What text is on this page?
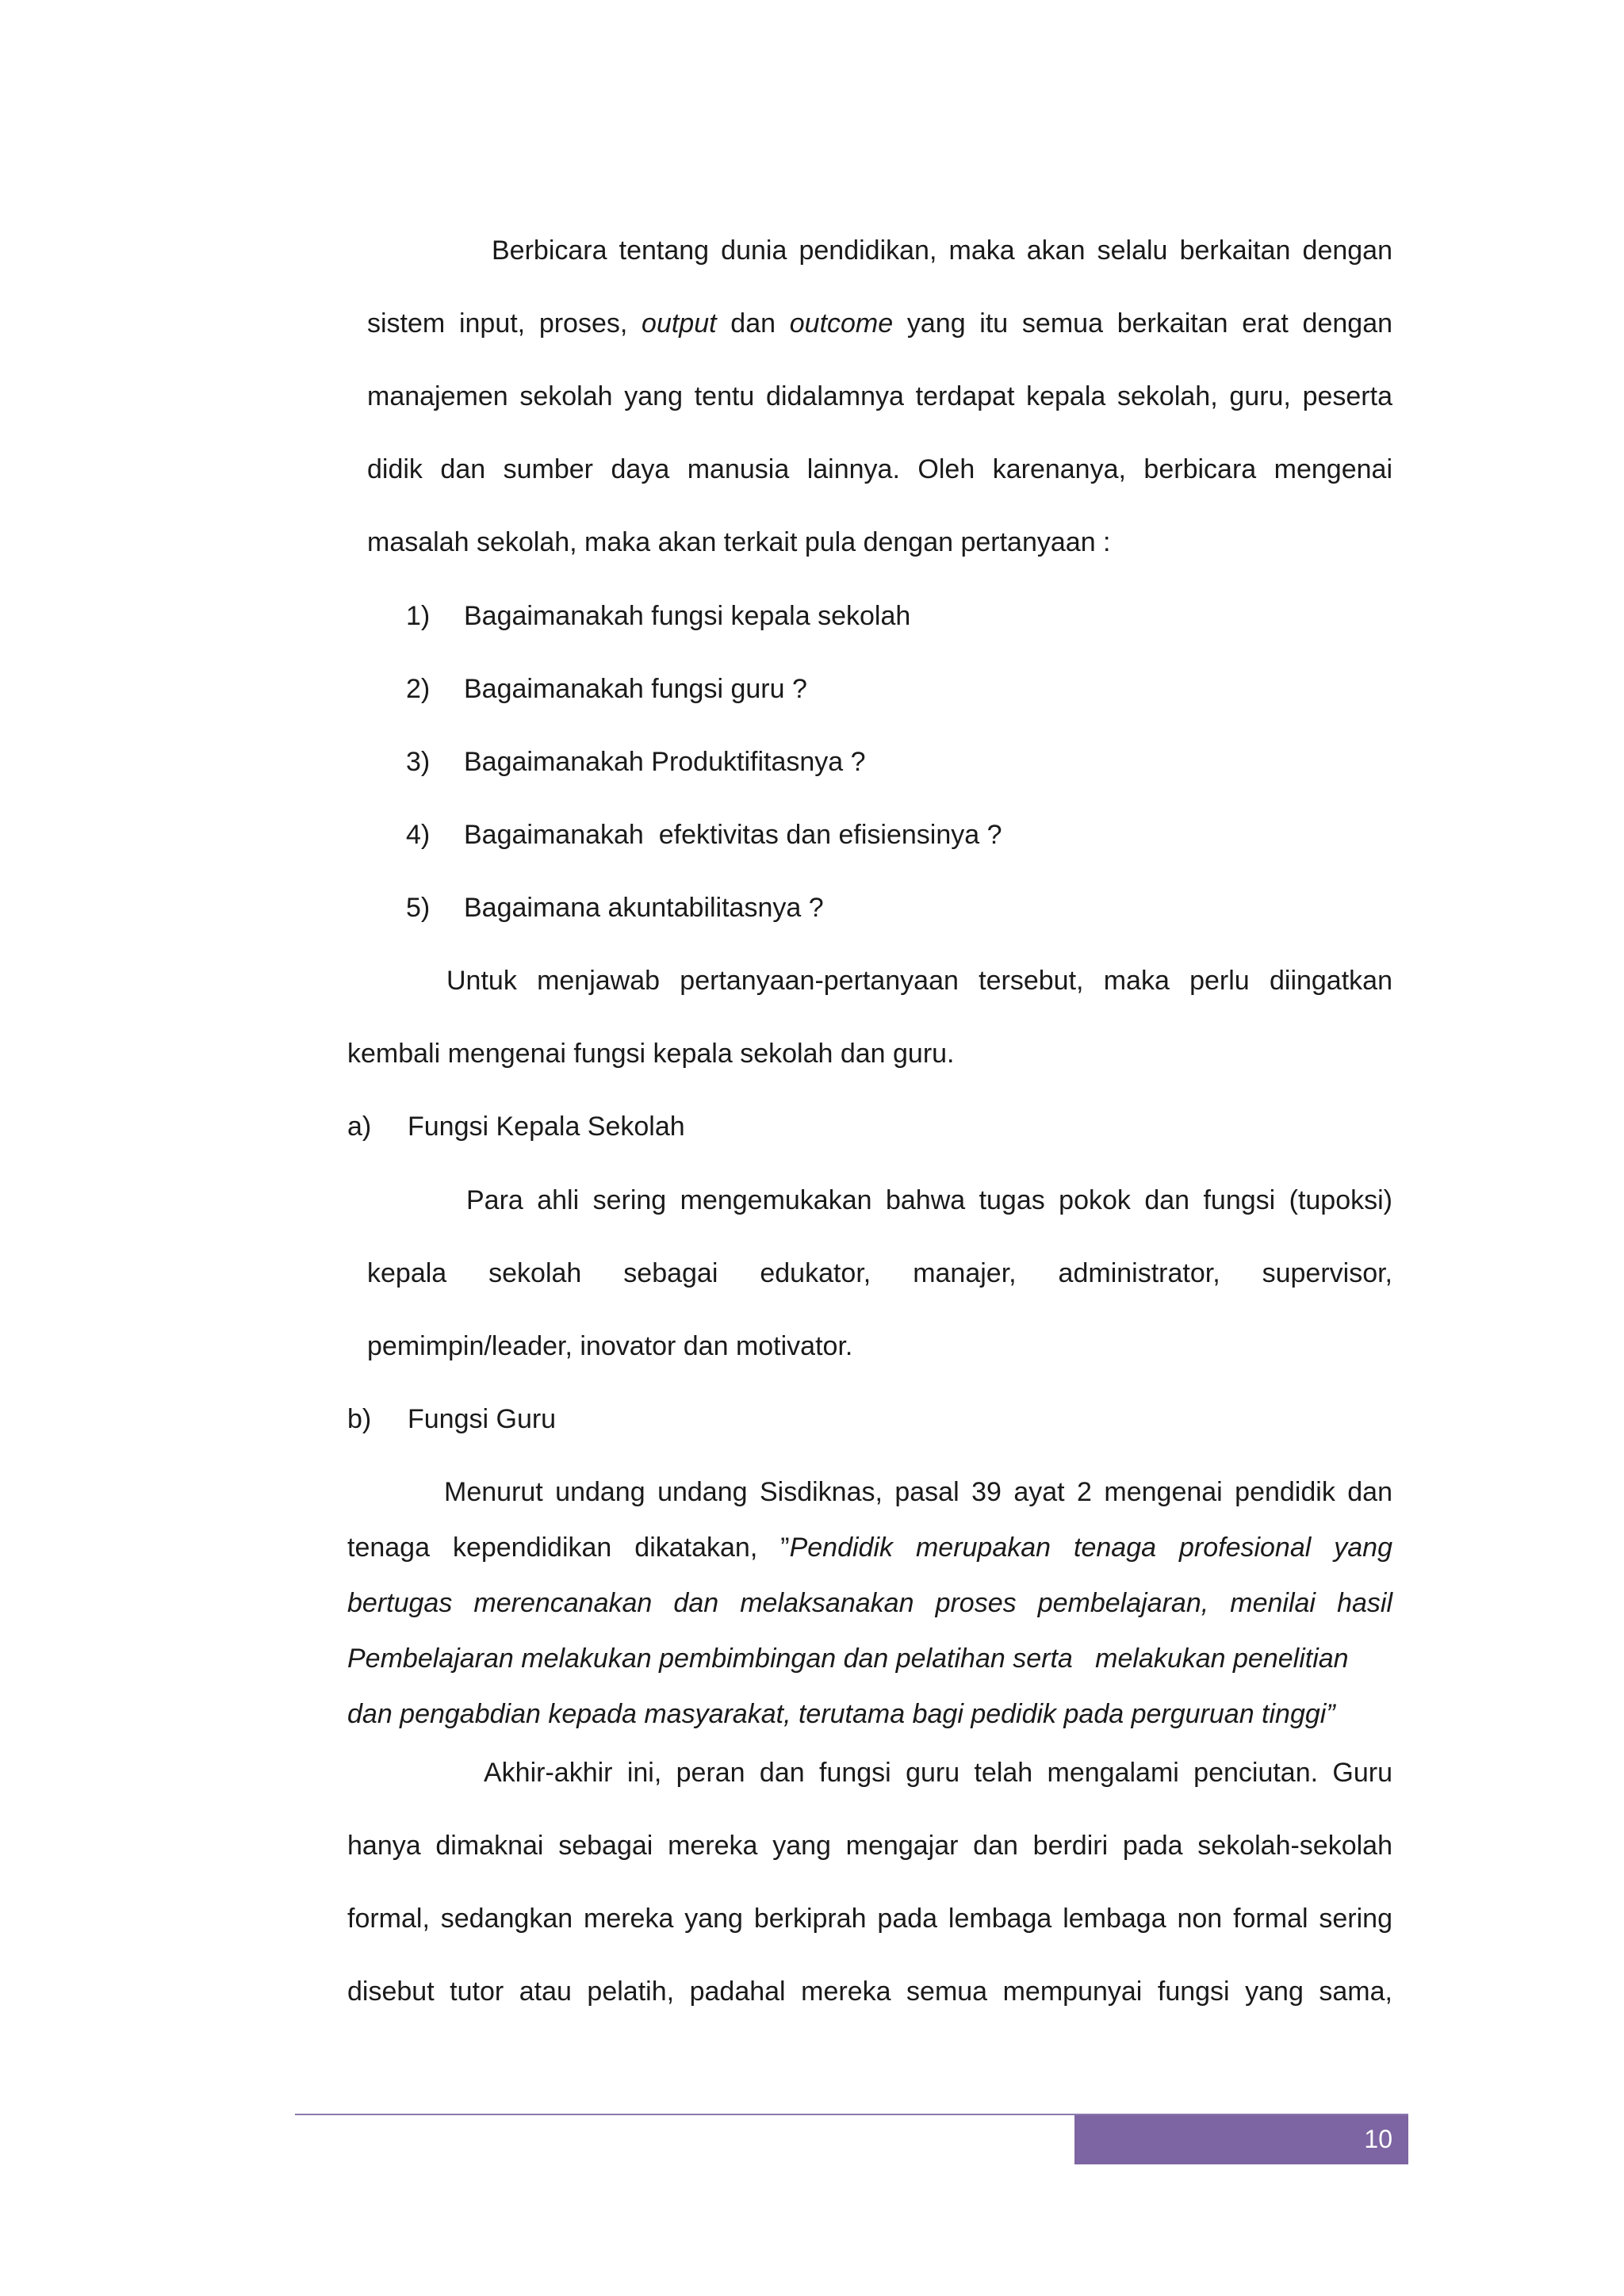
Berbicara tentang dunia pendidikan, maka akan selalu berkaitan dengan
sistem input, proses, output dan outcome yang itu semua berkaitan erat dengan
manajemen sekolah yang tentu didalamnya terdapat kepala sekolah, guru, peserta
didik dan sumber daya manusia lainnya. Oleh karenanya, berbicara mengenai
masalah sekolah, maka akan terkait pula dengan pertanyaan :
1) Bagaimanakah fungsi kepala sekolah
2) Bagaimanakah fungsi guru ?
3) Bagaimanakah Produktifitasnya ?
4) Bagaimanakah  efektivitas dan efisiensinya ?
5) Bagaimana akuntabilitasnya ?
Untuk menjawab pertanyaan-pertanyaan tersebut, maka perlu diingatkan
kembali mengenai fungsi kepala sekolah dan guru.
a) Fungsi Kepala Sekolah
Para ahli sering mengemukakan bahwa tugas pokok dan fungsi (tupoksi)
kepala sekolah sebagai edukator, manajer, administrator, supervisor,
pemimpin/leader, inovator dan motivator.
b) Fungsi Guru
Menurut undang undang Sisdiknas, pasal 39 ayat 2 mengenai pendidik dan
tenaga kependidikan dikatakan, ”Pendidik merupakan tenaga profesional yang
bertugas merencanakan dan melaksanakan proses pembelajaran, menilai hasil
Pembelajaran melakukan pembimbingan dan pelatihan serta   melakukan penelitian
dan pengabdian kepada masyarakat, terutama bagi pedidik pada perguruan tinggi”
Akhir-akhir ini, peran dan fungsi guru telah mengalami penciutan. Guru
hanya dimaknai sebagai mereka yang mengajar dan berdiri pada sekolah-sekolah
formal, sedangkan mereka yang berkiprah pada lembaga lembaga non formal sering
disebut tutor atau pelatih, padahal mereka semua mempunyai fungsi yang sama,
10
